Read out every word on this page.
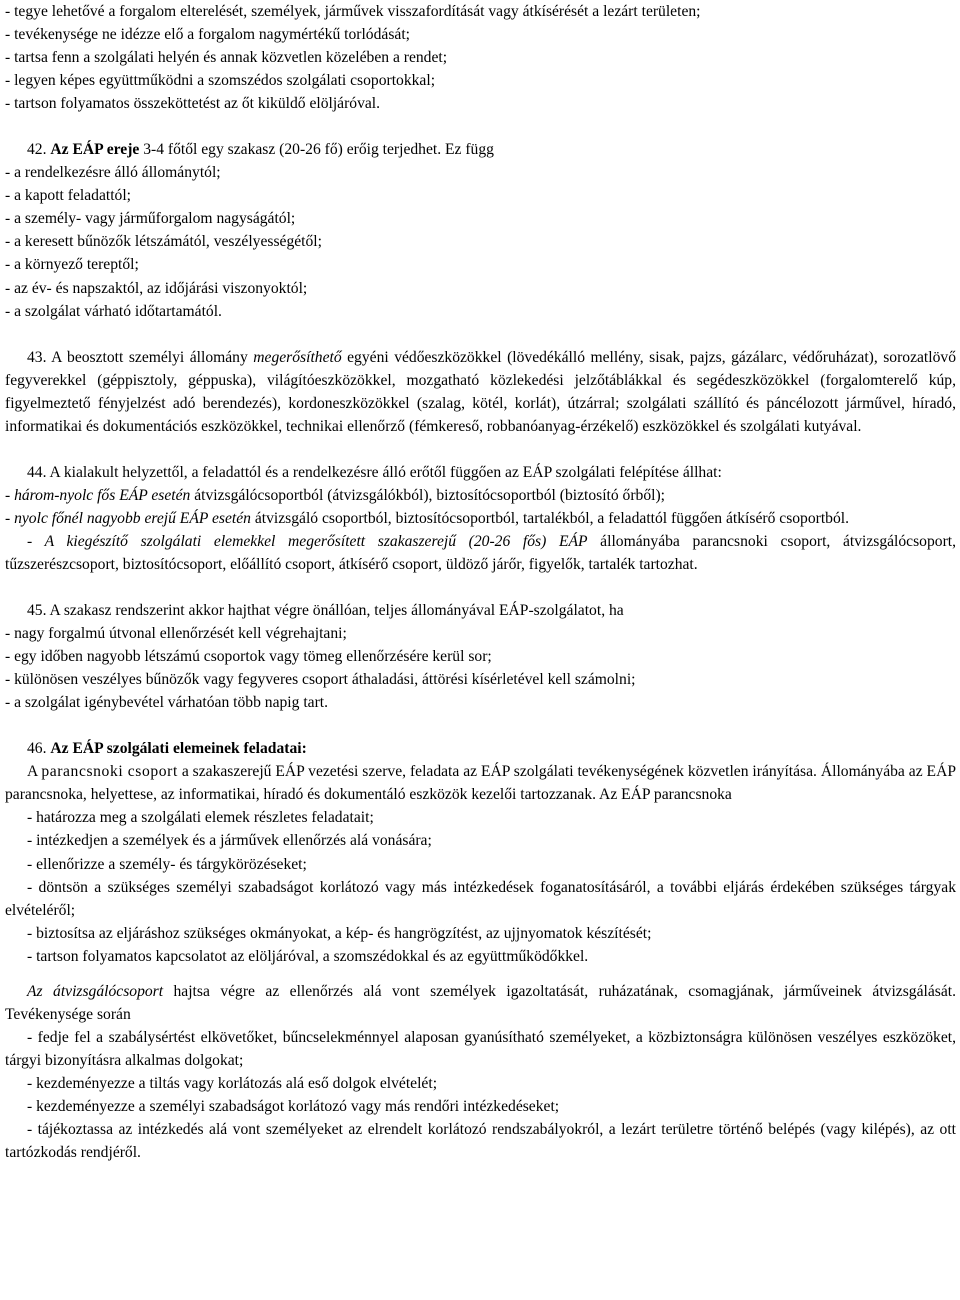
- tegye lehetővé a forgalom elterelését, személyek, járművek visszafordítását vagy átkísérését a lezárt területen;
- tevékenysége ne idézze elő a forgalom nagymértékű torlódását;
- tartsa fenn a szolgálati helyén és annak közvetlen közelében a rendet;
- legyen képes együttműködni a szomszédos szolgálati csoportokkal;
- tartson folyamatos összeköttetést az őt kiküldő elöljáróval.
42. Az EÁP ereje 3-4 főtől egy szakasz (20-26 fő) erőig terjedhet. Ez függ
- a rendelkezésre álló állománytól;
- a kapott feladattól;
- a személy- vagy járműforgalom nagyságától;
- a keresett bűnözők létszámától, veszélyességétől;
- a környező tereptől;
- az év- és napszaktól, az időjárási viszonyoktól;
- a szolgálat várható időtartamától.
43. A beosztott személyi állomány megerősíthető egyéni védőeszközökkel (lövedékálló mellény, sisak, pajzs, gázálarc, védőruházat), sorozatlövő fegyverekkel (géppisztoly, géppuska), világítóeszközökkel, mozgatható közlekedési jelzőtáblákkal és segédeszközökkel (forgalomterelő kúp, figyelmeztető fényjelzést adó berendezés), kordoneszközökkel (szalag, kötél, korlát), útzárral; szolgálati szállító és páncélozott járművel, híradó, informatikai és dokumentációs eszközökkel, technikai ellenőrző (fémkereső, robbanóanyag-érzékelő) eszközökkel és szolgálati kutyával.
44. A kialakult helyzettől, a feladattól és a rendelkezésre álló erőtől függően az EÁP szolgálati felépítése állhat:
- három-nyolc fős EÁP esetén átvizsgálócsoportból (átvizsgálókból), biztosítócsoportból (biztosító őrből);
- nyolc főnél nagyobb erejű EÁP esetén átvizsgáló csoportból, biztosítócsoportból, tartalékból, a feladattól függően átkísérő csoportból.
- A kiegészítő szolgálati elemekkel megerősített szakaszerejű (20-26 fős) EÁP állományába parancsnoki csoport, átvizsgálócsoport, tűzszerészcsoport, biztosítócsoport, előállító csoport, átkísérő csoport, üldöző járőr, figyelők, tartalék tartozhat.
45. A szakasz rendszerint akkor hajthat végre önállóan, teljes állományával EÁP-szolgálatot, ha
- nagy forgalmú útvonal ellenőrzését kell végrehajtani;
- egy időben nagyobb létszámú csoportok vagy tömeg ellenőrzésére kerül sor;
- különösen veszélyes bűnözők vagy fegyveres csoport áthaladási, áttörési kísérletével kell számolni;
- a szolgálat igénybevétel várhatóan több napig tart.
46. Az EÁP szolgálati elemeinek feladatai:
A parancsnoki csoport a szakaszerejű EÁP vezetési szerve, feladata az EÁP szolgálati tevékenységének közvetlen irányítása. Állományába az EÁP parancsnoka, helyettese, az informatikai, híradó és dokumentáló eszközök kezelői tartozzanak. Az EÁP parancsnoka
- határozza meg a szolgálati elemek részletes feladatait;
- intézkedjen a személyek és a járművek ellenőrzés alá vonására;
- ellenőrizze a személy- és tárgykörözéseket;
- döntsön a szükséges személyi szabadságot korlátozó vagy más intézkedések foganatosításáról, a további eljárás érdekében szükséges tárgyak elvételéről;
- biztosítsa az eljáráshoz szükséges okmányokat, a kép- és hangrögzítést, az ujjnyomatok készítését;
- tartson folyamatos kapcsolatot az elöljáróval, a szomszédokkal és az együttműködőkkel.
Az átvizsgálócsoport hajtsa végre az ellenőrzés alá vont személyek igazoltatását, ruházatának, csomagjának, járműveinek átvizsgálását. Tevékenysége során
- fedje fel a szabálysértést elkövetőket, bűncselekménnyel alaposan gyanúsítható személyeket, a közbiztonságra különösen veszélyes eszközöket, tárgyi bizonyításra alkalmas dolgokat;
- kezdeményezze a tiltás vagy korlátozás alá eső dolgok elvételét;
- kezdeményezze a személyi szabadságot korlátozó vagy más rendőri intézkedéseket;
- tájékoztassa az intézkedés alá vont személyeket az elrendelt korlátozó rendszabályokról, a lezárt területre történő belépés (vagy kilépés), az ott tartózkodás rendjéről.
